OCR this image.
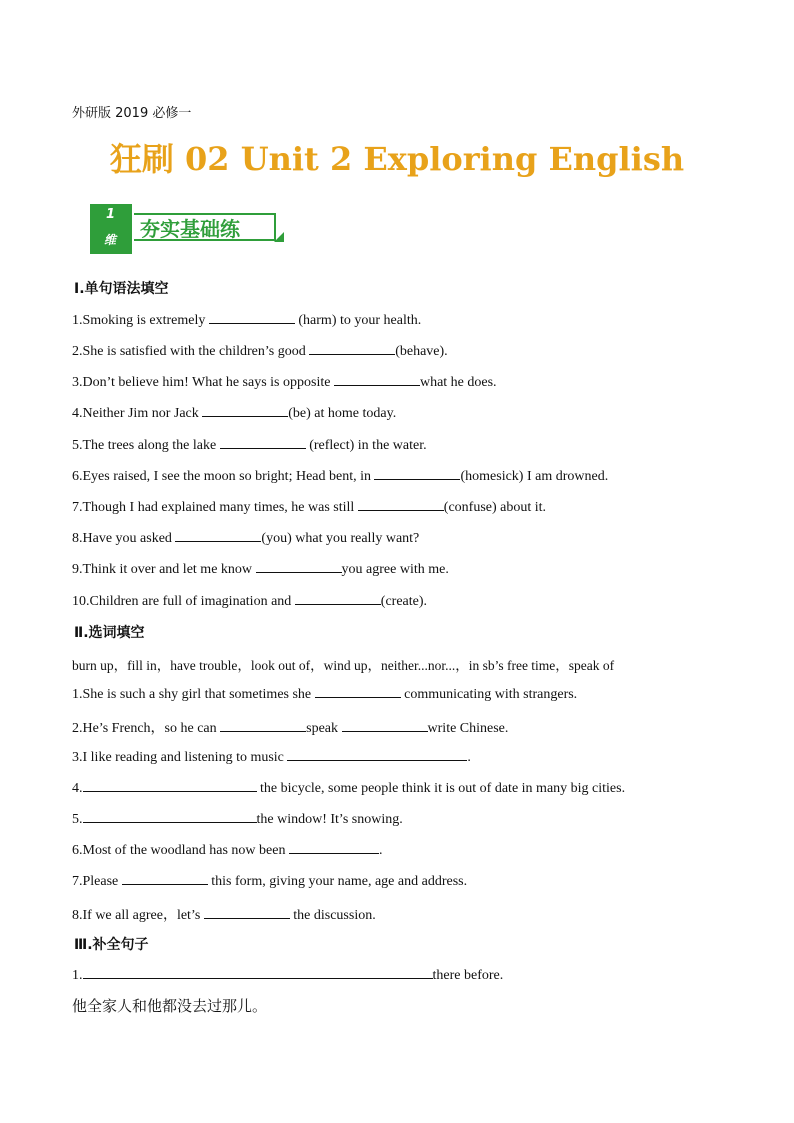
外研版 2019 必修一
狂刷 02 Unit 2 Exploring English
1
维	夯实基础练
Ⅰ.单句语法填空
1.Smoking is extremely	(harm) to your health.
2.She is satisfied with the children’s good	(behave).
3.Don’t believe him! What he says is opposite	what he does.
4.Neither Jim nor Jack	(be) at home today.
5.The trees along the lake	(reflect) in the water.
6.Eyes raised, I see the moon so bright; Head bent, in	(homesick) I am drowned.
7.Though I had explained many times, he was still	(confuse) about it.
8.Have you asked	(you) what you really want?
9.Think it over and let me know	you agree with me.
10.Children are full of imagination and	(create).
Ⅱ.选词填空
burn up，fill in，have trouble，look out of，wind up，neither...nor...，in sb’s free time，speak of
1.She is such a shy girl that sometimes she	communicating with strangers.
2.He’s French，so he can	speak	write Chinese.
3.I like reading and listening to music	.
4.	the bicycle, some people think it is out of date in many big cities.
5.	the window! It’s snowing.
6.Most of the woodland has now been	.
7.Please	this form, giving your name, age and address.
8.If we all agree，let’s	the discussion.
Ⅲ.补全句子
1.	there before.
他全家人和他都没去过那儿。
